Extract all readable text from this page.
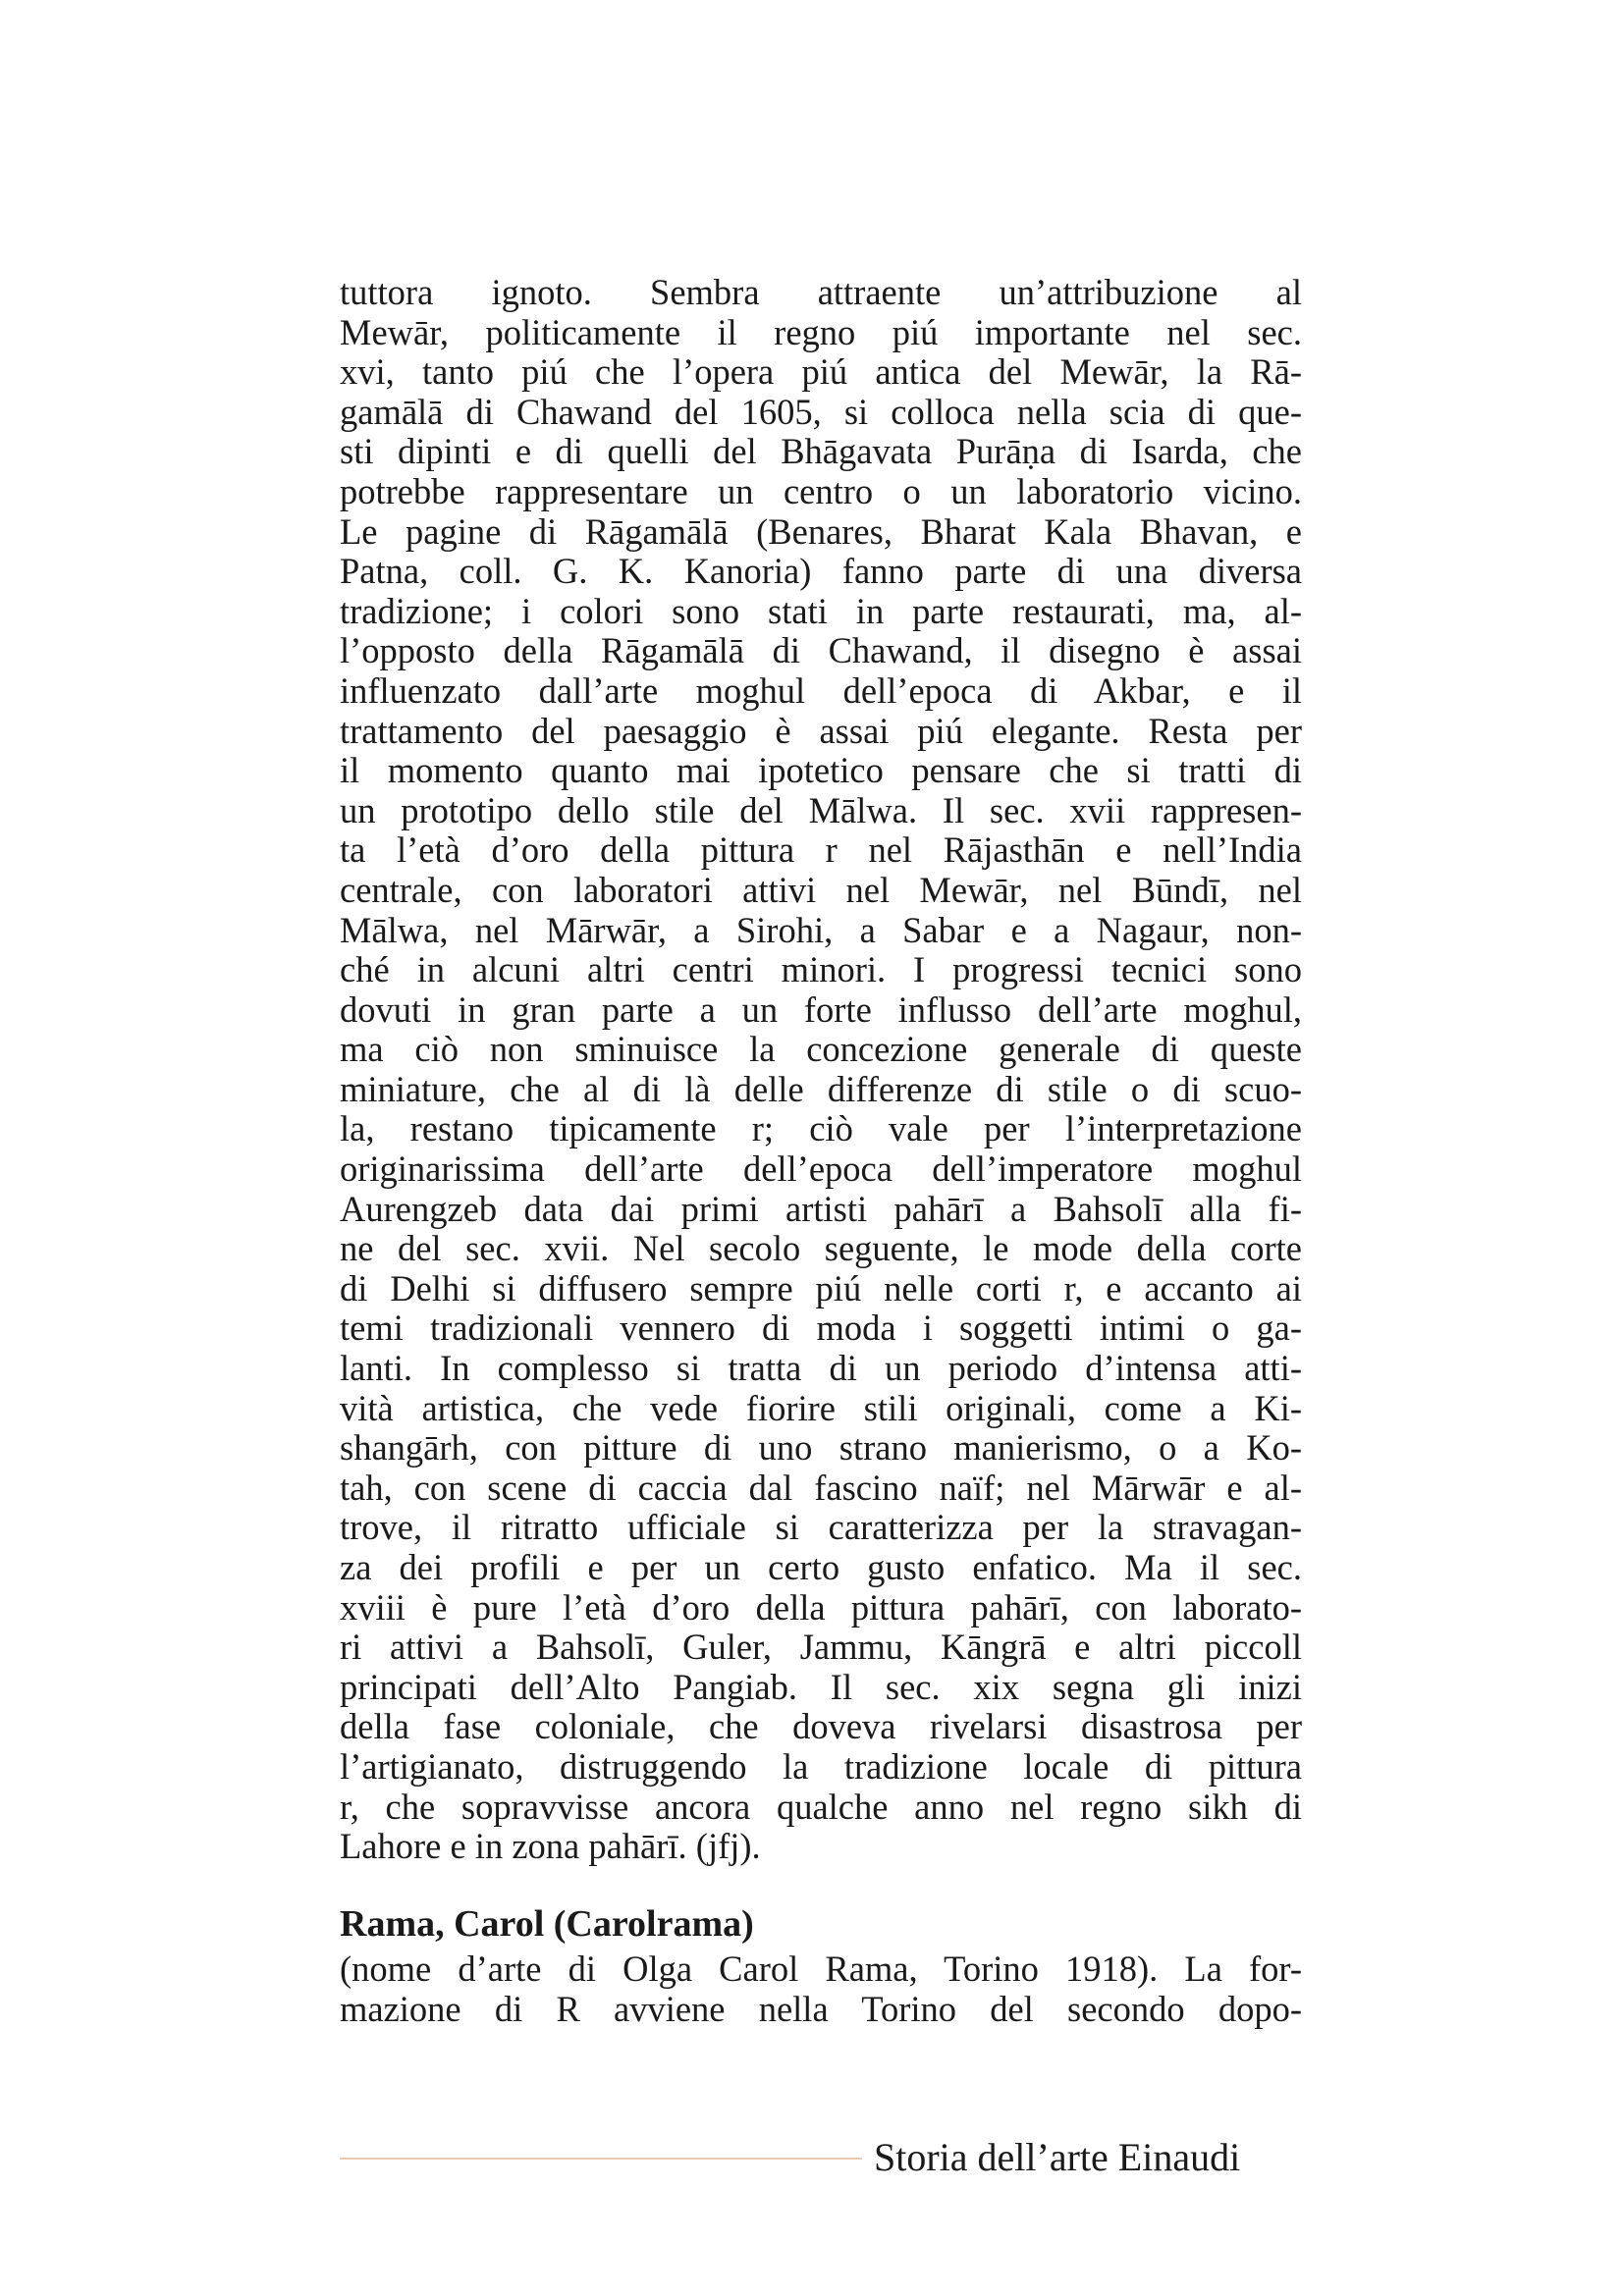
tuttora ignoto. Sembra attraente un’attribuzione al
Mewār, politicamente il regno piú importante nel sec.
xvi, tanto piú che l’opera piú antica del Mewār, la Rā-
gamālā di Chawand del 1605, si colloca nella scia di que-
sti dipinti e di quelli del Bhāgavata Purāṇa di Isarda, che
potrebbe rappresentare un centro o un laboratorio vicino.
Le pagine di Rāgamālā (Benares, Bharat Kala Bhavan, e
Patna, coll. G. K. Kanoria) fanno parte di una diversa
tradizione; i colori sono stati in parte restaurati, ma, al-
l’opposto della Rāgamālā di Chawand, il disegno è assai
influenzato dall’arte moghul dell’epoca di Akbar, e il
trattamento del paesaggio è assai piú elegante. Resta per
il momento quanto mai ipotetico pensare che si tratti di
un prototipo dello stile del Mālwa. Il sec. xvii rappresen-
ta l’età d’oro della pittura r nel Rājasthān e nell’India
centrale, con laboratori attivi nel Mewār, nel Būndī, nel
Mālwa, nel Mārwār, a Sirohi, a Sabar e a Nagaur, non-
ché in alcuni altri centri minori. I progressi tecnici sono
dovuti in gran parte a un forte influsso dell’arte moghul,
ma ciò non sminuisce la concezione generale di queste
miniature, che al di là delle differenze di stile o di scuo-
la, restano tipicamente r; ciò vale per l’interpretazione
originarissima dell’arte dell’epoca dell’imperatore moghul
Aurengzeb data dai primi artisti pahārī a Bahsolī alla fi-
ne del sec. xvii. Nel secolo seguente, le mode della corte
di Delhi si diffusero sempre piú nelle corti r, e accanto ai
temi tradizionali vennero di moda i soggetti intimi o ga-
lanti. In complesso si tratta di un periodo d’intensa atti-
vità artistica, che vede fiorire stili originali, come a Ki-
shangārh, con pitture di uno strano manierismo, o a Ko-
tah, con scene di caccia dal fascino naïf; nel Mārwār e al-
trove, il ritratto ufficiale si caratterizza per la stravagan-
za dei profili e per un certo gusto enfatico. Ma il sec.
xviii è pure l’età d’oro della pittura pahārī, con laborato-
ri attivi a Bahsolī, Guler, Jammu, Kāngrā e altri piccoll
principati dell’Alto Pangiab. Il sec. xix segna gli inizi
della fase coloniale, che doveva rivelarsi disastrosa per
l’artigianato, distruggendo la tradizione locale di pittura
r, che sopravvisse ancora qualche anno nel regno sikh di
Lahore e in zona pahārī. (jfj).
Rama, Carol (Carolrama)
(nome d’arte di Olga Carol Rama, Torino 1918). La for-
mazione di R avviene nella Torino del secondo dopo-
Storia dell’arte Einaudi
